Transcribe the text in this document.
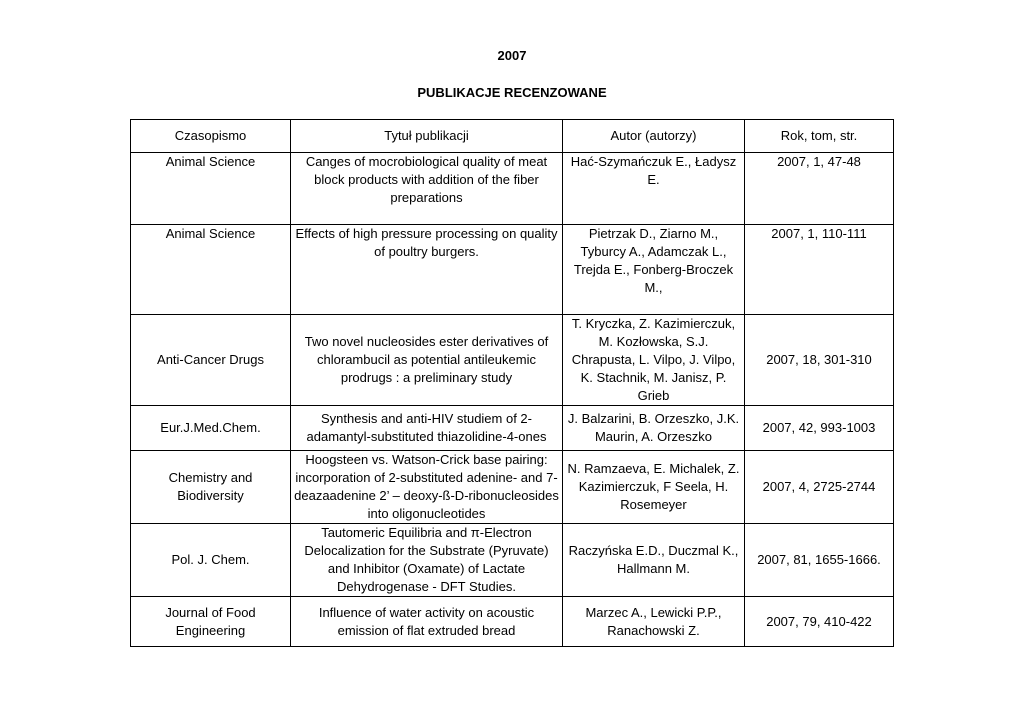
2007
PUBLIKACJE RECENZOWANE
Czasopismo	Tytuł publikacji	Autor (autorzy)	Rok, tom, str.
Animal Science	Canges of mocrobiological quality of meat block products with addition of the fiber preparations	Hać-Szymańczuk E., Ładysz E.	2007, 1, 47-48
Animal Science	Effects of high pressure processing on quality of poultry burgers.	Pietrzak D., Ziarno M., Tyburcy A., Adamczak L., Trejda E., Fonberg-Broczek M.,	2007, 1, 110-111
Anti-Cancer Drugs	Two novel nucleosides ester derivatives of chlorambucil as potential antileukemic prodrugs : a preliminary study	T. Kryczka, Z. Kazimierczuk, M. Kozłowska, S.J. Chrapusta, L. Vilpo, J. Vilpo, K. Stachnik, M. Janisz, P. Grieb	2007, 18, 301-310
Eur.J.Med.Chem.	Synthesis and anti-HIV studiem of 2-adamantyl-substituted thiazolidine-4-ones	J. Balzarini, B. Orzeszko, J.K. Maurin, A. Orzeszko	2007, 42, 993-1003
Chemistry and Biodiversity	Hoogsteen vs. Watson-Crick base pairing: incorporation of 2-substituted adenine- and 7-deazaadenine 2’ – deoxy-ß-D-ribonucleosides into oligonucleotides	N. Ramzaeva, E. Michalek, Z. Kazimierczuk, F Seela, H. Rosemeyer	2007, 4, 2725-2744
Pol. J. Chem.	Tautomeric Equilibria and π-Electron Delocalization for the Substrate (Pyruvate) and Inhibitor (Oxamate) of Lactate Dehydrogenase - DFT Studies.	Raczyńska E.D., Duczmal K., Hallmann M.	2007, 81, 1655-1666.
Journal of Food Engineering	Influence of water activity on acoustic emission of flat extruded bread	Marzec A., Lewicki P.P., Ranachowski Z.	2007, 79, 410-422
